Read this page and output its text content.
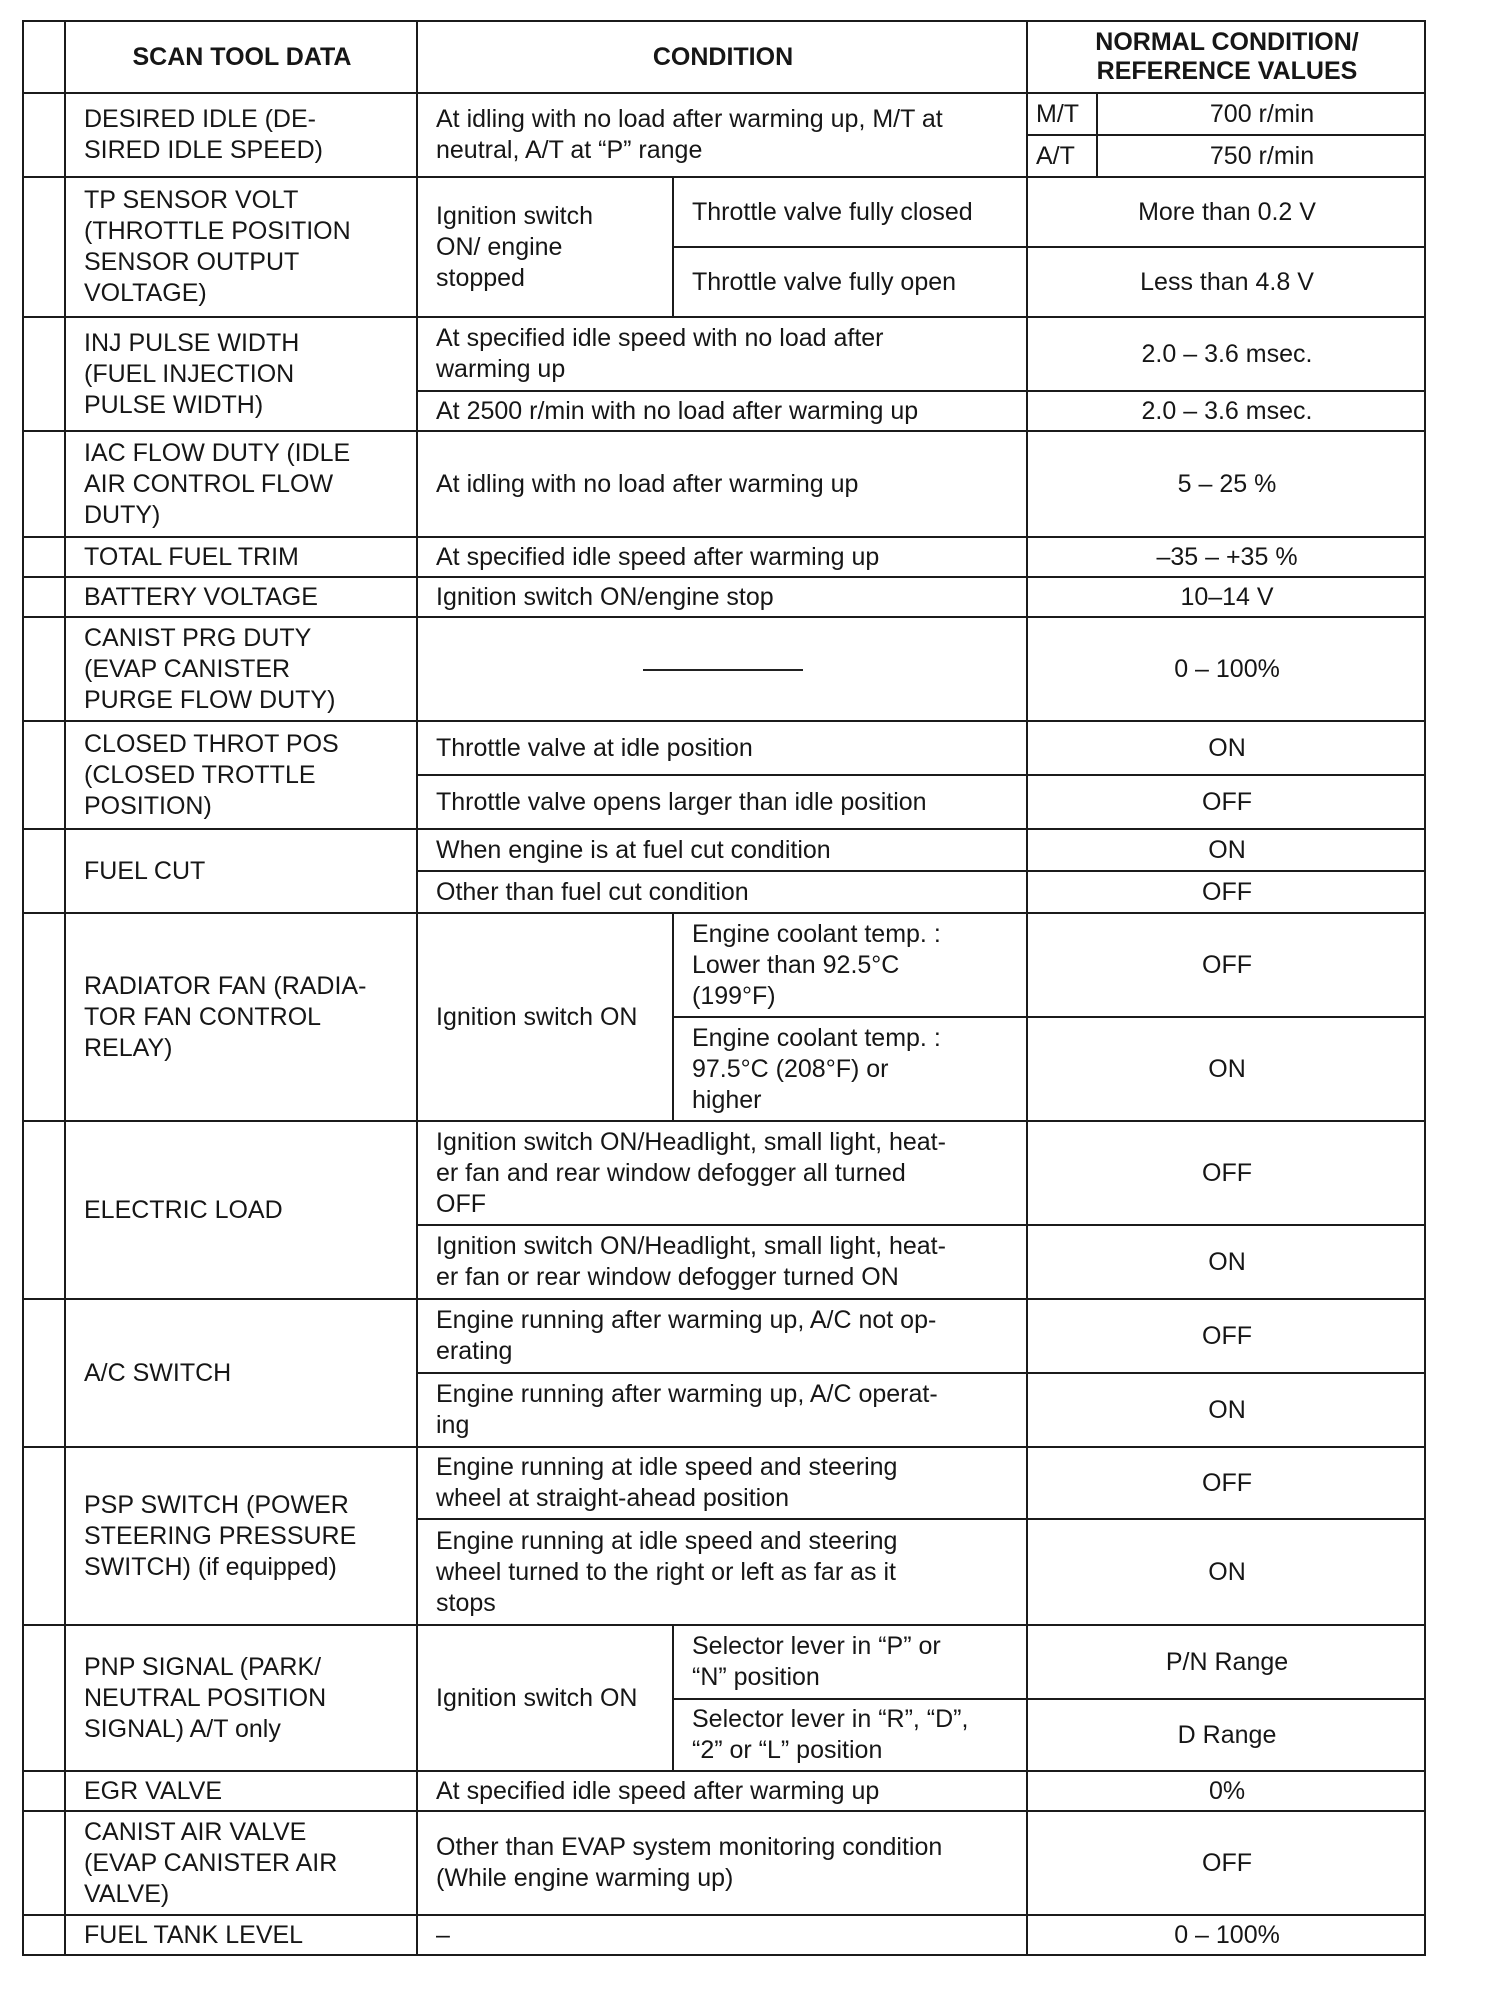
	SCAN TOOL DATA	CONDITION		NORMAL CONDITION/
REFERENCE VALUES	
	DESIRED IDLE (DE-
SIRED IDLE SPEED)	At idling with no load after warming up, M/T at
neutral, A/T at “P” range		M/T	700 r/min
				A/T	750 r/min
	TP SENSOR VOLT
(THROTTLE POSITION
SENSOR OUTPUT
VOLTAGE)	Ignition switch
ON/ engine
stopped	Throttle valve fully closed	More than 0.2 V	
			Throttle valve fully open	Less than 4.8 V	
	INJ PULSE WIDTH
(FUEL INJECTION
PULSE WIDTH)	At specified idle speed with no load after
warming up		2.0 – 3.6 msec.	
		At 2500 r/min with no load after warming up		2.0 – 3.6 msec.	
	IAC FLOW DUTY (IDLE
AIR CONTROL FLOW
DUTY)	At idling with no load after warming up		5 – 25 %	
	TOTAL FUEL TRIM	At specified idle speed after warming up		–35 – +35 %	
	BATTERY VOLTAGE	Ignition switch ON/engine stop		10–14 V	
	CANIST PRG DUTY
(EVAP CANISTER
PURGE FLOW DUTY)			0 – 100%	
	CLOSED THROT POS
(CLOSED TROTTLE
POSITION)	Throttle valve at idle position		ON	
		Throttle valve opens larger than idle position		OFF	
	FUEL CUT	When engine is at fuel cut condition		ON	
		Other than fuel cut condition		OFF	
	RADIATOR FAN (RADIA-
TOR FAN CONTROL
RELAY)	Ignition switch ON	Engine coolant temp. :
Lower than 92.5°C
(199°F)	OFF	
			Engine coolant temp. :
97.5°C (208°F) or
higher	ON	
	ELECTRIC LOAD	Ignition switch ON/Headlight, small light, heat-
er fan and rear window defogger all turned
OFF		OFF	
		Ignition switch ON/Headlight, small light, heat-
er fan or rear window defogger turned ON		ON	
	A/C SWITCH	Engine running after warming up, A/C not op-
erating		OFF	
		Engine running after warming up, A/C operat-
ing		ON	
	PSP SWITCH (POWER
STEERING PRESSURE
SWITCH) (if equipped)	Engine running at idle speed and steering
wheel at straight-ahead position		OFF	
		Engine running at idle speed and steering
wheel turned to the right or left as far as it
stops		ON	
	PNP SIGNAL (PARK/
NEUTRAL POSITION
SIGNAL) A/T only	Ignition switch ON	Selector lever in “P” or
“N” position	P/N Range	
			Selector lever in “R”, “D”,
“2” or “L” position	D Range	
	EGR VALVE	At specified idle speed after warming up		0%	
	CANIST AIR VALVE
(EVAP CANISTER AIR
VALVE)	Other than EVAP system monitoring condition
(While engine warming up)		OFF	
	FUEL TANK LEVEL	–		0 – 100%	
